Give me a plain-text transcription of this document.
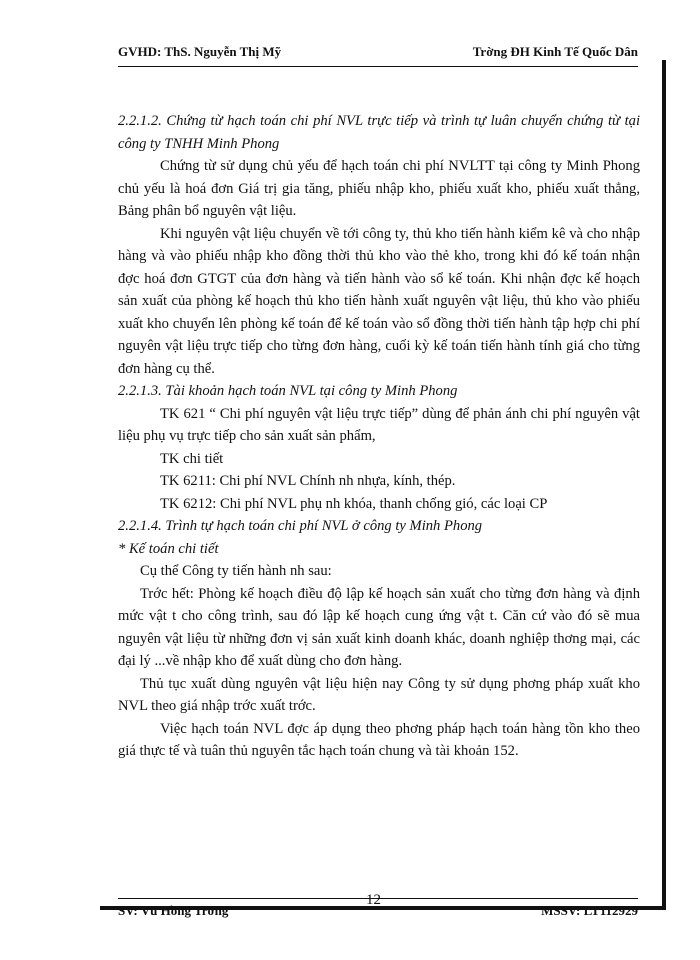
GVHD: ThS. Nguyễn Thị Mỹ	Trờng ĐH Kinh Tế Quốc Dân

2.2.1.2. Chứng từ hạch toán chi phí NVL trực tiếp và trình tự luân chuyển chứng từ tại công ty TNHH Minh Phong

Chứng từ sử dụng chủ yếu để hạch toán chi phí NVLTT tại công ty Minh Phong chủ yếu là hoá đơn Giá trị gia tăng, phiếu nhập kho, phiếu xuất kho, phiếu xuất thẳng, Bảng phân bổ nguyên vật liệu.

Khi nguyên vật liệu chuyển về tới công ty, thủ kho tiến hành kiểm kê và cho nhập hàng và vào phiếu nhập kho đồng thời thủ kho vào thẻ kho, trong khi đó kế toán nhận đợc hoá đơn GTGT của đơn hàng và tiến hành vào sổ kế toán. Khi nhận đợc kế hoạch sản xuất của phòng kế hoạch thủ kho tiến hành xuất nguyên vật liệu, thủ kho vào phiếu xuất kho chuyển lên phòng kế toán để kế toán vào sổ đồng thời tiến hành tập hợp chi phí nguyên vật liệu trực tiếp cho từng đơn hàng, cuối kỳ kế toán tiến hành tính giá cho từng đơn hàng cụ thể.

2.2.1.3. Tài khoản hạch toán NVL tại công ty Minh Phong

TK 621 “ Chi phí nguyên vật liệu trực tiếp” dùng để phản ánh chi phí nguyên vật liệu phụ vụ trực tiếp cho sản xuất sản phẩm,

TK chi tiết

TK 6211: Chi phí NVL Chính nh nhựa, kính, thép.

TK 6212: Chi phí NVL phụ nh khóa, thanh chống gió, các loại CP

2.2.1.4. Trình tự hạch toán chi phí NVL ở công ty Minh Phong

* Kế toán chi tiết

Cụ thể Công ty tiến hành nh sau:

Trớc hết: Phòng kế hoạch điều độ lập kế hoạch sản xuất cho từng đơn hàng và định mức vật t cho công trình, sau đó lập kế hoạch cung ứng vật t. Căn cứ vào đó sẽ mua nguyên vật liệu từ những đơn vị sản xuất kinh doanh khác, doanh nghiệp thơng mại, các đại lý ...về nhập kho để xuất dùng cho đơn hàng.

Thủ tục xuất dùng nguyên vật liệu hiện nay Công ty sử dụng phơng pháp xuất kho NVL theo giá nhập trớc xuất trớc.

Việc hạch toán NVL đợc áp dụng theo phơng pháp hạch toán hàng tồn kho theo giá thực tế và tuân thủ nguyên tắc hạch toán chung và tài khoản 152.

SV: Vũ Hồng Trờng
12
MSSV: LT112929
